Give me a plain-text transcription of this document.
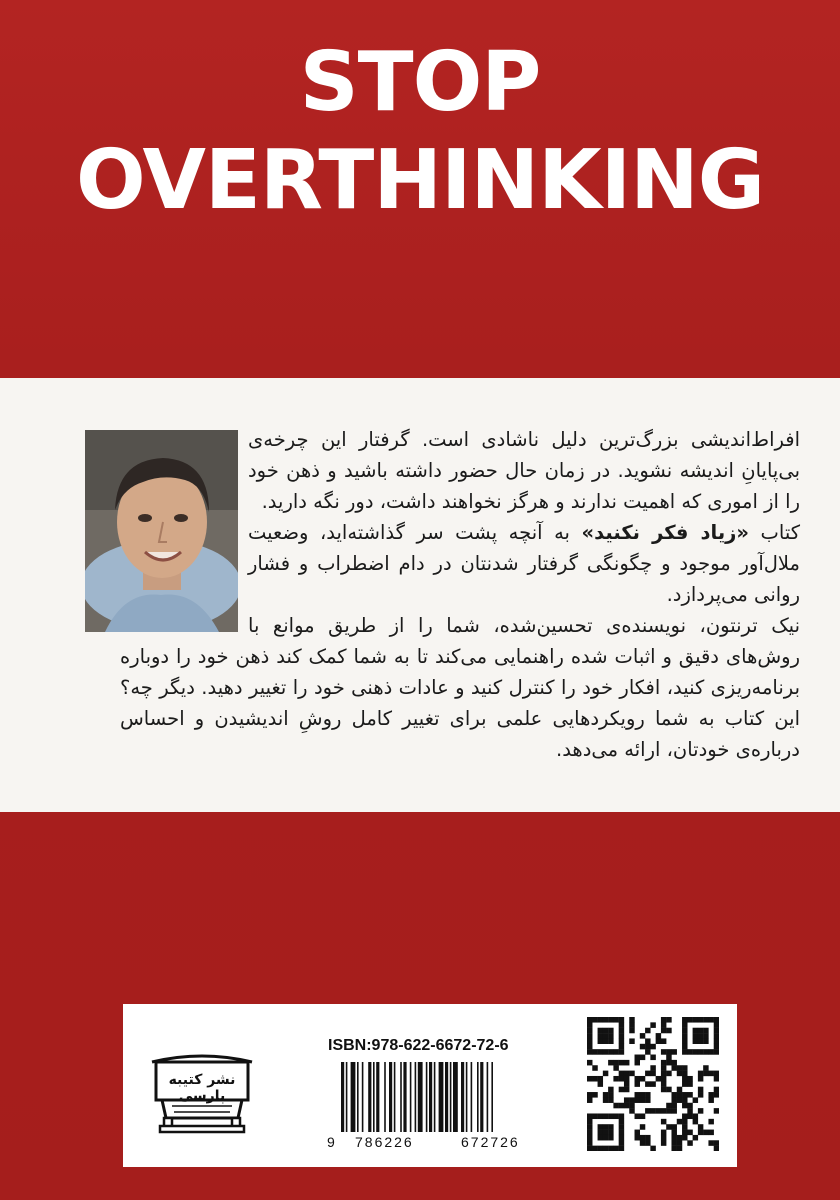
STOP
OVERTHINKING

افراط‌اندیشی بزرگ‌ترین دلیل ناشادی است. گرفتار این چرخه‌ی بی‌پایانِ اندیشه نشوید. در زمان حال حضور داشته باشید و ذهن خود را از اموری که اهمیت ندارند و هرگز نخواهند داشت، دور نگه دارید.

کتاب «زیاد فکر نکنید» به آنچه پشت سر گذاشته‌اید، وضعیت ملال‌آور موجود و چگونگی گرفتار شدنتان در دام اضطراب و فشار روانی می‌پردازد.

نیک ترنتون، نویسنده‌ی تحسین‌شده، شما را از طریق موانع با روش‌های دقیق و اثبات شده راهنمایی می‌کند تا به شما کمک کند ذهن خود را دوباره برنامه‌ریزی کنید، افکار خود را کنترل کنید و عادات ذهنی خود را تغییر دهید. دیگر چه؟ این کتاب به شما رویکردهایی علمی برای تغییر کامل روشِ اندیشیدن و احساس درباره‌ی خودتان، ارائه می‌دهد.

نشر کتیبه پارسی
ISBN:978-622-6672-72-6
9 786226	672726
